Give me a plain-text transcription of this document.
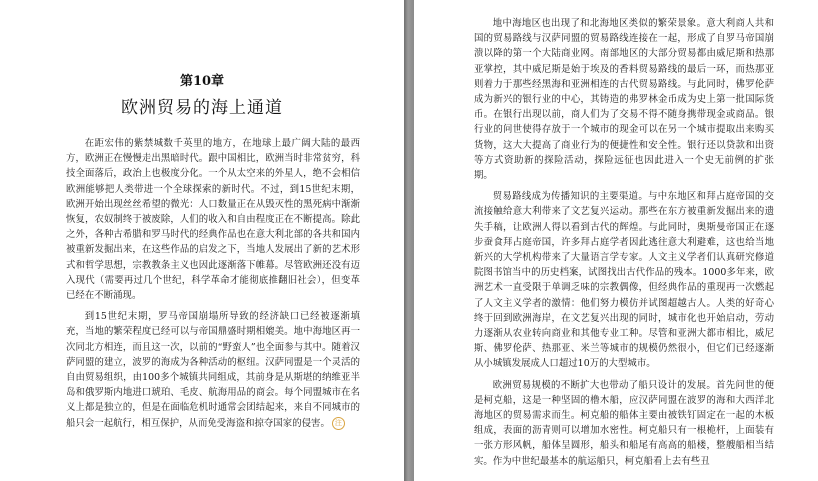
第10章
欧洲贸易的海上通道

在距宏伟的紫禁城数千英里的地方，在地球上最广阔大陆的最西方，欧洲正在慢慢走出黑暗时代。跟中国相比，欧洲当时非常贫穷，科技全面落后，政治上也极度分化。一个从太空来的外星人，绝不会相信欧洲能够把人类带进一个全球探索的新时代。不过，到15世纪末期，欧洲开始出现丝丝希望的微光：人口数量正在从毁灭性的黑死病中渐渐恢复，农奴制终于被废除，人们的收入和自由程度正在不断提高。除此之外，各种古希腊和罗马时代的经典作品也在意大利北部的各共和国内被重新发掘出来，在这些作品的启发之下，当地人发展出了新的艺术形式和哲学思想，宗教教条主义也因此逐渐落下帷幕。尽管欧洲还没有迈入现代（需要再过几个世纪，科学革命才能彻底推翻旧社会），但变革已经在不断涌现。

到15世纪末期，罗马帝国崩塌所导致的经济缺口已经被逐渐填充，当地的繁荣程度已经可以与帝国鼎盛时期相媲美。地中海地区再一次同北方相连，而且这一次，以前的“野蛮人”也全面参与其中。随着汉萨同盟的建立，波罗的海成为各种活动的枢纽。汉萨同盟是一个灵活的自由贸易组织，由100多个城镇共同组成，其前身是从斯堪的纳维亚半岛和俄罗斯内地进口琥珀、毛皮、航海用品的商会。每个同盟城市在名义上都是独立的，但是在面临危机时通常会团结起来，来自不同城市的船只会一起航行，相互保护，从而免受海盗和掠夺国家的侵害。 注

地中海地区也出现了和北海地区类似的繁荣景象。意大利商人共和国的贸易路线与汉萨同盟的贸易路线连接在一起，形成了自罗马帝国崩溃以降的第一个大陆商业网。南部地区的大部分贸易都由威尼斯和热那亚掌控，其中威尼斯是始于埃及的香料贸易路线的最后一环，而热那亚则着力于那些经黑海和亚洲相连的古代贸易路线。与此同时，佛罗伦萨成为新兴的银行业的中心，其铸造的弗罗林金币成为史上第一批国际货币。在银行出现以前，商人们为了交易不得不随身携带现金或商品。银行业的问世使得存放于一个城市的现金可以在另一个城市提取出来购买货物，这大大提高了商业行为的便捷性和安全性。银行还以贷款和出资等方式资助新的探险活动，探险远征也因此进入一个史无前例的扩张期。

贸易路线成为传播知识的主要渠道。与中东地区和拜占庭帝国的交流接触给意大利带来了文艺复兴运动。那些在东方被重新发掘出来的遗失手稿，让欧洲人得以看到古代的辉煌。与此同时，奥斯曼帝国正在逐步蚕食拜占庭帝国，许多拜占庭学者因此逃往意大利避难，这也给当地新兴的大学机构带来了大量语言学专家。人文主义学者们认真研究修道院图书馆当中的历史档案，试图找出古代作品的残本。1000多年来，欧洲艺术一直受限于单调乏味的宗教偶像，但经典作品的重现再一次燃起了人文主义学者的激情：他们努力模仿并试图超越古人。人类的好奇心终于回到欧洲海岸，在文艺复兴出现的同时，城市化也开始启动，劳动力逐渐从农业转向商业和其他专业工种。尽管和亚洲大都市相比，威尼斯、佛罗伦萨、热那亚、米兰等城市的规模仍然很小，但它们已经逐渐从小城镇发展成人口超过10万的大型城市。

欧洲贸易规模的不断扩大也带动了船只设计的发展。首先问世的便是柯克船，这是一种坚固的橹木船，应汉萨同盟在波罗的海和大西洋北海地区的贸易需求而生。柯克船的船体主要由被铁钉固定在一起的木板组成，表面的沥青则可以增加水密性。柯克船只有一根桅杆，上面装有一张方形风帆，船体呈圆形，船头和船尾有高高的船楼，整艘船相当结实。作为中世纪最基本的航运船只，柯克船看上去有些丑
